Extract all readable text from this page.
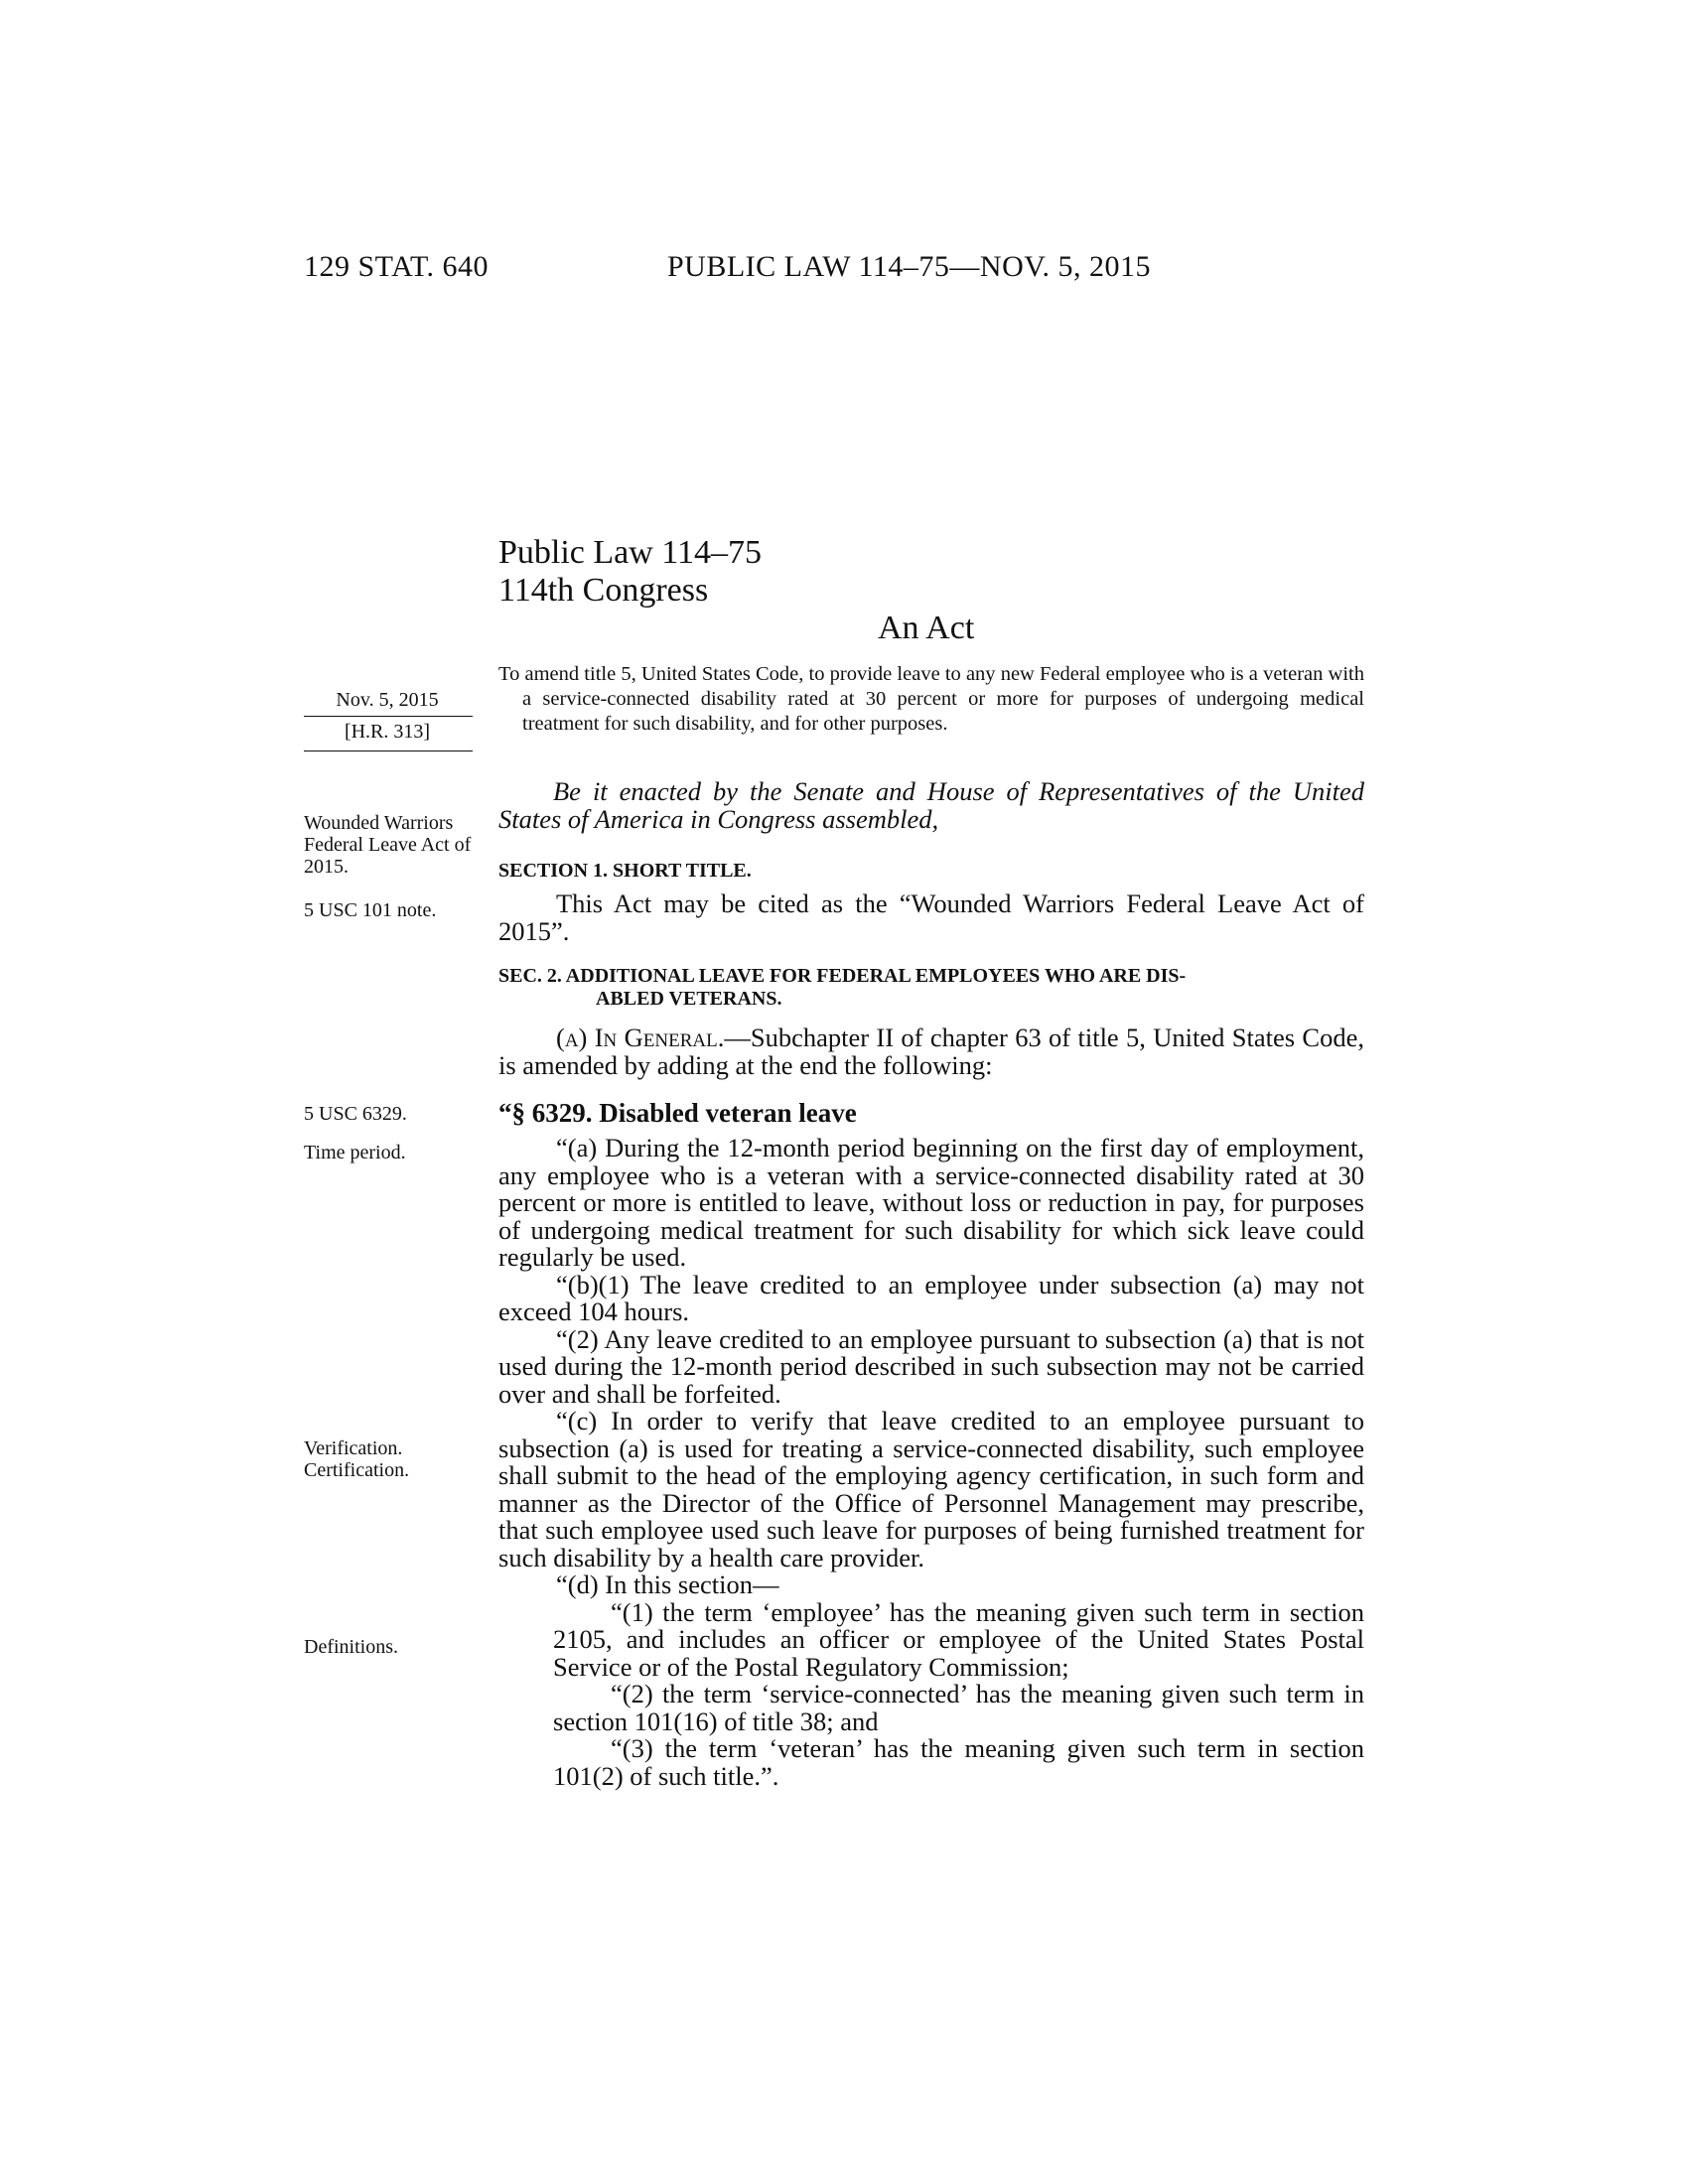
129 STAT. 640	PUBLIC LAW 114–75—NOV. 5, 2015
Public Law 114–75
114th Congress
An Act

To amend title 5, United States Code, to provide leave to any new Federal employee who is a veteran with a service-connected disability rated at 30 percent or more for purposes of undergoing medical treatment for such disability, and for other purposes.

Nov. 5, 2015
[H.R. 313]
Wounded Warriors Federal Leave Act of 2015.
5 USC 101 note.
5 USC 6329.
Time period.
Verification.
Certification.
Definitions.
Be it enacted by the Senate and House of Representatives of the United States of America in Congress assembled,
SECTION 1. SHORT TITLE.

This Act may be cited as the “Wounded Warriors Federal Leave Act of 2015”.

SEC. 2. ADDITIONAL LEAVE FOR FEDERAL EMPLOYEES WHO ARE DIS-
ABLED VETERANS.

(a) In General.—Subchapter II of chapter 63 of title 5, United States Code, is amended by adding at the end the following:

“§ 6329. Disabled veteran leave

“(a) During the 12-month period beginning on the first day of employment, any employee who is a veteran with a service-connected disability rated at 30 percent or more is entitled to leave, without loss or reduction in pay, for purposes of undergoing medical treatment for such disability for which sick leave could regularly be used.

“(b)(1) The leave credited to an employee under subsection (a) may not exceed 104 hours.

“(2) Any leave credited to an employee pursuant to subsection (a) that is not used during the 12-month period described in such subsection may not be carried over and shall be forfeited.

“(c) In order to verify that leave credited to an employee pursuant to subsection (a) is used for treating a service-connected disability, such employee shall submit to the head of the employing agency certification, in such form and manner as the Director of the Office of Personnel Management may prescribe, that such employee used such leave for purposes of being furnished treatment for such disability by a health care provider.

“(d) In this section—

“(1) the term ‘employee’ has the meaning given such term in section 2105, and includes an officer or employee of the United States Postal Service or of the Postal Regulatory Commission;

“(2) the term ‘service-connected’ has the meaning given such term in section 101(16) of title 38; and

“(3) the term ‘veteran’ has the meaning given such term in section 101(2) of such title.”.
